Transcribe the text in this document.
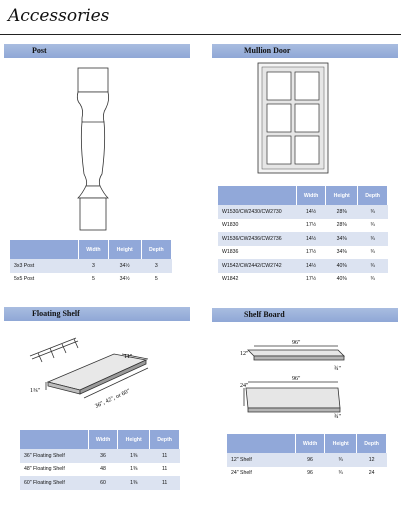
Accessories
Post	Mullion Door
Floating Shelf	Shelf Board
	Width	Height	Depth
3x3 Post	3	34½	3
5x5 Post	5	34½	5
	Width	Height	Depth
W1530/CW2430/CW2730	14½	28⅜	¾
W1830	17½	28⅜	¾
W1536/CW2436/CW2736	14½	34⅜	¾
W1836	17½	34⅜	¾
W1542/CW2442/CW2742	14½	40⅜	¾
W1842	17½	40⅜	¾
11"
1⅜"	36", 42", or 60"
	Width	Height	Depth
36" Floating Shelf	36	1⅜	11
48" Floating Shelf	48	1⅜	11
60" Floating Shelf	60	1⅜	11
96"
12"
¾"
96"
24"
¾"
	Width	Height	Depth
12" Shelf	96	¾	12
24" Shelf	96	¾	24
